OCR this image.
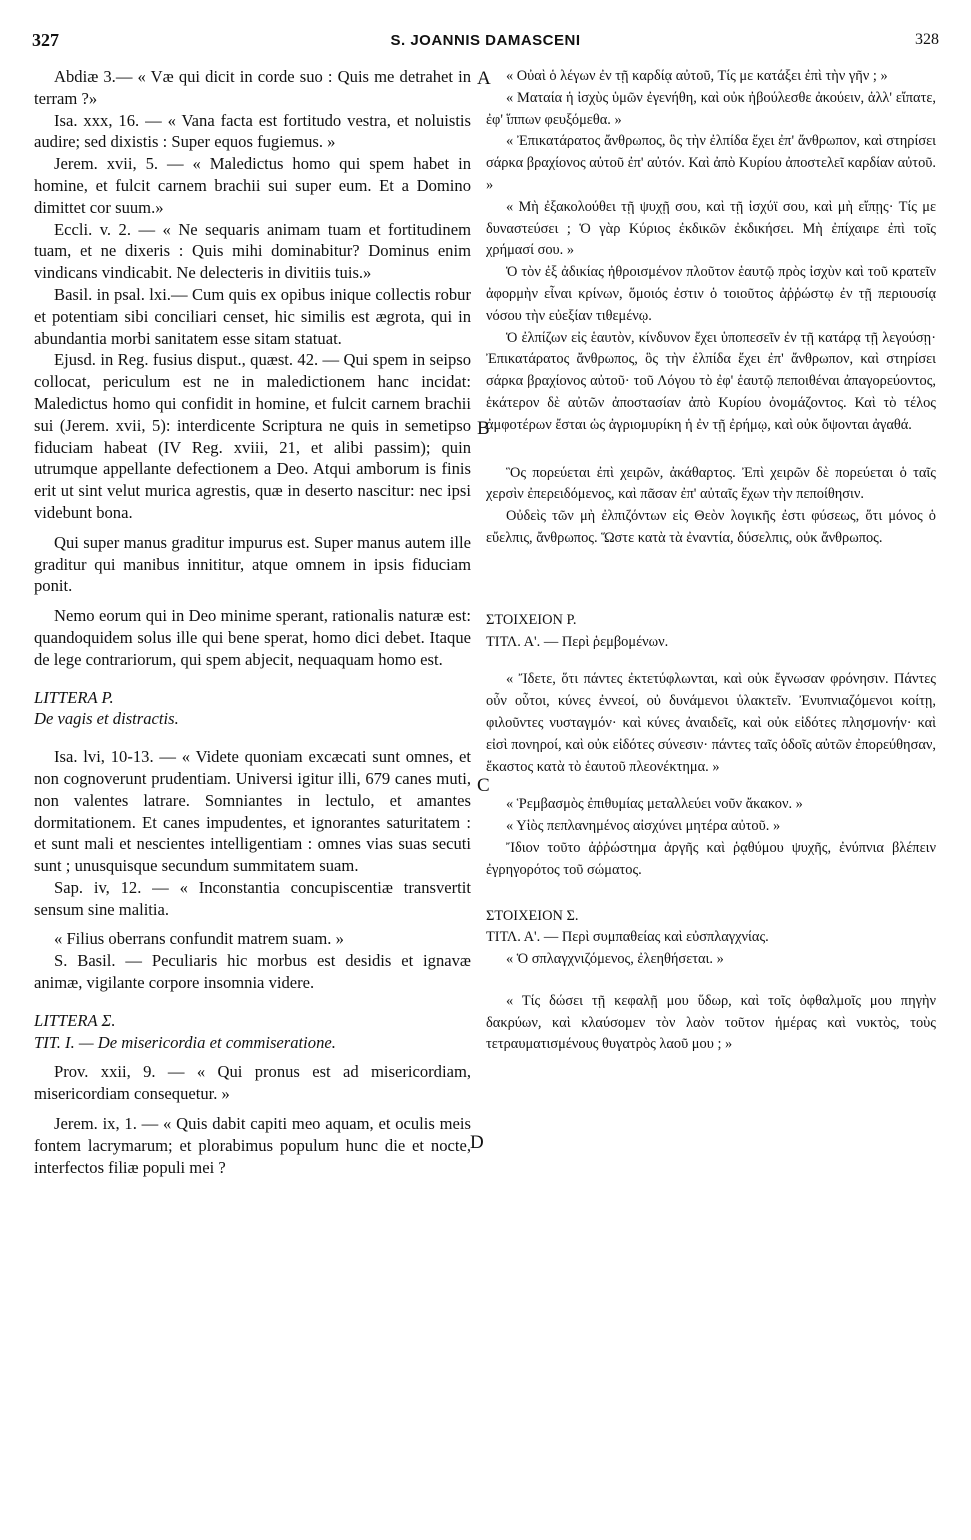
327	S. JOANNIS DAMASCENI	328
A
B
C
D

Abdiæ 3.— « Væ qui dicit in corde suo : Quis me detrahet in terram ?»

Isa. xxx, 16. — « Vana facta est fortitudo vestra, et noluistis audire; sed dixistis : Super equos fugiemus. »

Jerem. xvii, 5. — « Maledictus homo qui spem habet in homine, et fulcit carnem brachii sui super eum. Et a Domino dimittet cor suum.»

Eccli. v. 2. — « Ne sequaris animam tuam et fortitudinem tuam, et ne dixeris : Quis mihi dominabitur? Dominus enim vindicans vindicabit. Ne delecteris in divitiis tuis.»

Basil. in psal. lxi.— Cum quis ex opibus inique collectis robur et potentiam sibi conciliari censet, hic similis est ægrota, qui in abundantia morbi sanitatem esse sitam statuat.

Ejusd. in Reg. fusius disput., quæst. 42. — Qui spem in seipso collocat, periculum est ne in maledictionem hanc incidat: Maledictus homo qui confidit in homine, et fulcit carnem brachii sui (Jerem. xvii, 5): interdicente Scriptura ne quis in semetipso fiduciam habeat (IV Reg. xviii, 21, et alibi passim); quin utrumque appellante defectionem a Deo. Atqui amborum is finis erit ut sint velut murica agrestis, quæ in deserto nascitur: nec ipsi videbunt bona.

Qui super manus graditur impurus est. Super manus autem ille graditur qui manibus innititur, atque omnem in ipsis fiduciam ponit.

Nemo eorum qui in Deo minime sperant, rationalis naturæ est: quandoquidem solus ille qui bene sperat, homo dici debet. Itaque de lege contrariorum, qui spem abjecit, nequaquam homo est.

LITTERA P.

De vagis et distractis.

Isa. lvi, 10-13. — « Videte quoniam excæcati sunt omnes, et non cognoverunt prudentiam. Universi igitur illi, 679 canes muti, non valentes latrare. Somniantes in lectulo, et amantes dormitationem. Et canes impudentes, et ignorantes saturitatem : et sunt mali et nescientes intelligentiam : omnes vias suas secuti sunt ; unusquisque secundum summitatem suam.

Sap. iv, 12. — « Inconstantia concupiscentiæ transvertit sensum sine malitia.

« Filius oberrans confundit matrem suam. »

S. Basil. — Peculiaris hic morbus est desidis et ignavæ animæ, vigilante corpore insomnia videre.

LITTERA Σ.

TIT. I. — De misericordia et commiseratione.

Prov. xxii, 9. — « Qui pronus est ad misericordiam, misericordiam consequetur. »

Jerem. ix, 1. — « Quis dabit capiti meo aquam, et oculis meis fontem lacrymarum; et plorabimus populum hunc die et nocte, interfectos filiæ populi mei ?

« Οὐαὶ ὁ λέγων ἐν τῇ καρδίᾳ αὐτοῦ, Τίς με κατάξει ἐπὶ τὴν γῆν ; »

« Ματαία ἡ ἰσχὺς ὑμῶν ἐγενήθη, καὶ οὐκ ἠβούλεσθε ἀκούειν, ἀλλ' εἴπατε, ἐφ' ἵππων φευξόμεθα. »

« Ἐπικατάρατος ἄνθρωπος, ὃς τὴν ἐλπίδα ἔχει ἐπ' ἄνθρωπον, καὶ στηρίσει σάρκα βραχίονος αὐτοῦ ἐπ' αὐτόν. Καὶ ἀπὸ Κυρίου ἀποστελεῖ καρδίαν αὐτοῦ. »

« Μὴ ἐξακολούθει τῇ ψυχῇ σου, καὶ τῇ ἰσχύϊ σου, καὶ μὴ εἴπῃς· Τίς με δυναστεύσει ; Ὁ γὰρ Κύριος ἐκδικῶν ἐκδικήσει. Μὴ ἐπίχαιρε ἐπὶ τοῖς χρήμασί σου. »

Ὁ τὸν ἐξ ἀδικίας ἠθροισμένον πλοῦτον ἑαυτῷ πρὸς ἰσχὺν καὶ τοῦ κρατεῖν ἀφορμὴν εἶναι κρίνων, ὅμοιός ἐστιν ὁ τοιοῦτος ἀῤῥώστῳ ἐν τῇ περιουσίᾳ νόσου τὴν εὐεξίαν τιθεμένῳ.

Ὁ ἐλπίζων εἰς ἑαυτὸν, κίνδυνον ἔχει ὑποπεσεῖν ἐν τῇ κατάρᾳ τῇ λεγούσῃ· Ἐπικατάρατος ἄνθρωπος, ὃς τὴν ἐλπίδα ἔχει ἐπ' ἄνθρωπον, καὶ στηρίσει σάρκα βραχίονος αὐτοῦ· τοῦ Λόγου τὸ ἐφ' ἑαυτῷ πεποιθέναι ἀπαγορεύοντος, ἑκάτερον δὲ αὐτῶν ἀποστασίαν ἀπὸ Κυρίου ὀνομάζοντος. Καὶ τὸ τέλος ἀμφοτέρων ἔσται ὡς ἀγριομυρίκη ἡ ἐν τῇ ἐρήμῳ, καὶ οὐκ ὄψονται ἀγαθά.

Ὃς πορεύεται ἐπὶ χειρῶν, ἀκάθαρτος. Ἐπὶ χειρῶν δὲ πορεύεται ὁ ταῖς χερσὶν ἐπερειδόμενος, καὶ πᾶσαν ἐπ' αὐταῖς ἔχων τὴν πεποίθησιν.

Οὐδεὶς τῶν μὴ ἐλπιζόντων εἰς Θεὸν λογικῆς ἐστι φύσεως, ὅτι μόνος ὁ εὔελπις, ἄνθρωπος. Ὥστε κατὰ τὰ ἐναντία, δύσελπις, οὐκ ἄνθρωπος.

ΣΤΟΙΧΕΙΟΝ Ρ.

ΤΙΤΛ. Α'. — Περὶ ῥεμβομένων.

« Ἴδετε, ὅτι πάντες ἐκτετύφλωνται, καὶ οὐκ ἔγνωσαν φρόνησιν. Πάντες οὖν οὗτοι, κύνες ἐννεοί, οὐ δυνάμενοι ὑλακτεῖν. Ἐνυπνιαζόμενοι κοίτῃ, φιλοῦντες νυσταγμόν· καὶ κύνες ἀναιδεῖς, καὶ οὐκ εἰδότες πλησμονήν· καὶ εἰσὶ πονηροί, καὶ οὐκ εἰδότες σύνεσιν· πάντες ταῖς ὁδοῖς αὐτῶν ἐπορεύθησαν, ἕκαστος κατὰ τὸ ἑαυτοῦ πλεονέκτημα. »

« Ῥεμβασμὸς ἐπιθυμίας μεταλλεύει νοῦν ἄκακον. »

« Υἱὸς πεπλανημένος αἰσχύνει μητέρα αὐτοῦ. »

Ἴδιον τοῦτο ἀῤῥώστημα ἀργῆς καὶ ῥᾳθύμου ψυχῆς, ἐνύπνια βλέπειν ἐγρηγορότος τοῦ σώματος.

ΣΤΟΙΧΕΙΟΝ Σ.

ΤΙΤΛ. Α'. — Περὶ συμπαθείας καὶ εὐσπλαγχνίας.

« Ὁ σπλαγχνιζόμενος, ἐλεηθήσεται. »

« Τίς δώσει τῇ κεφαλῇ μου ὕδωρ, καὶ τοῖς ὀφθαλμοῖς μου πηγὴν δακρύων, καὶ κλαύσομεν τὸν λαὸν τοῦτον ἡμέρας καὶ νυκτὸς, τοὺς τετραυματισμένους θυγατρὸς λαοῦ μου ; »
